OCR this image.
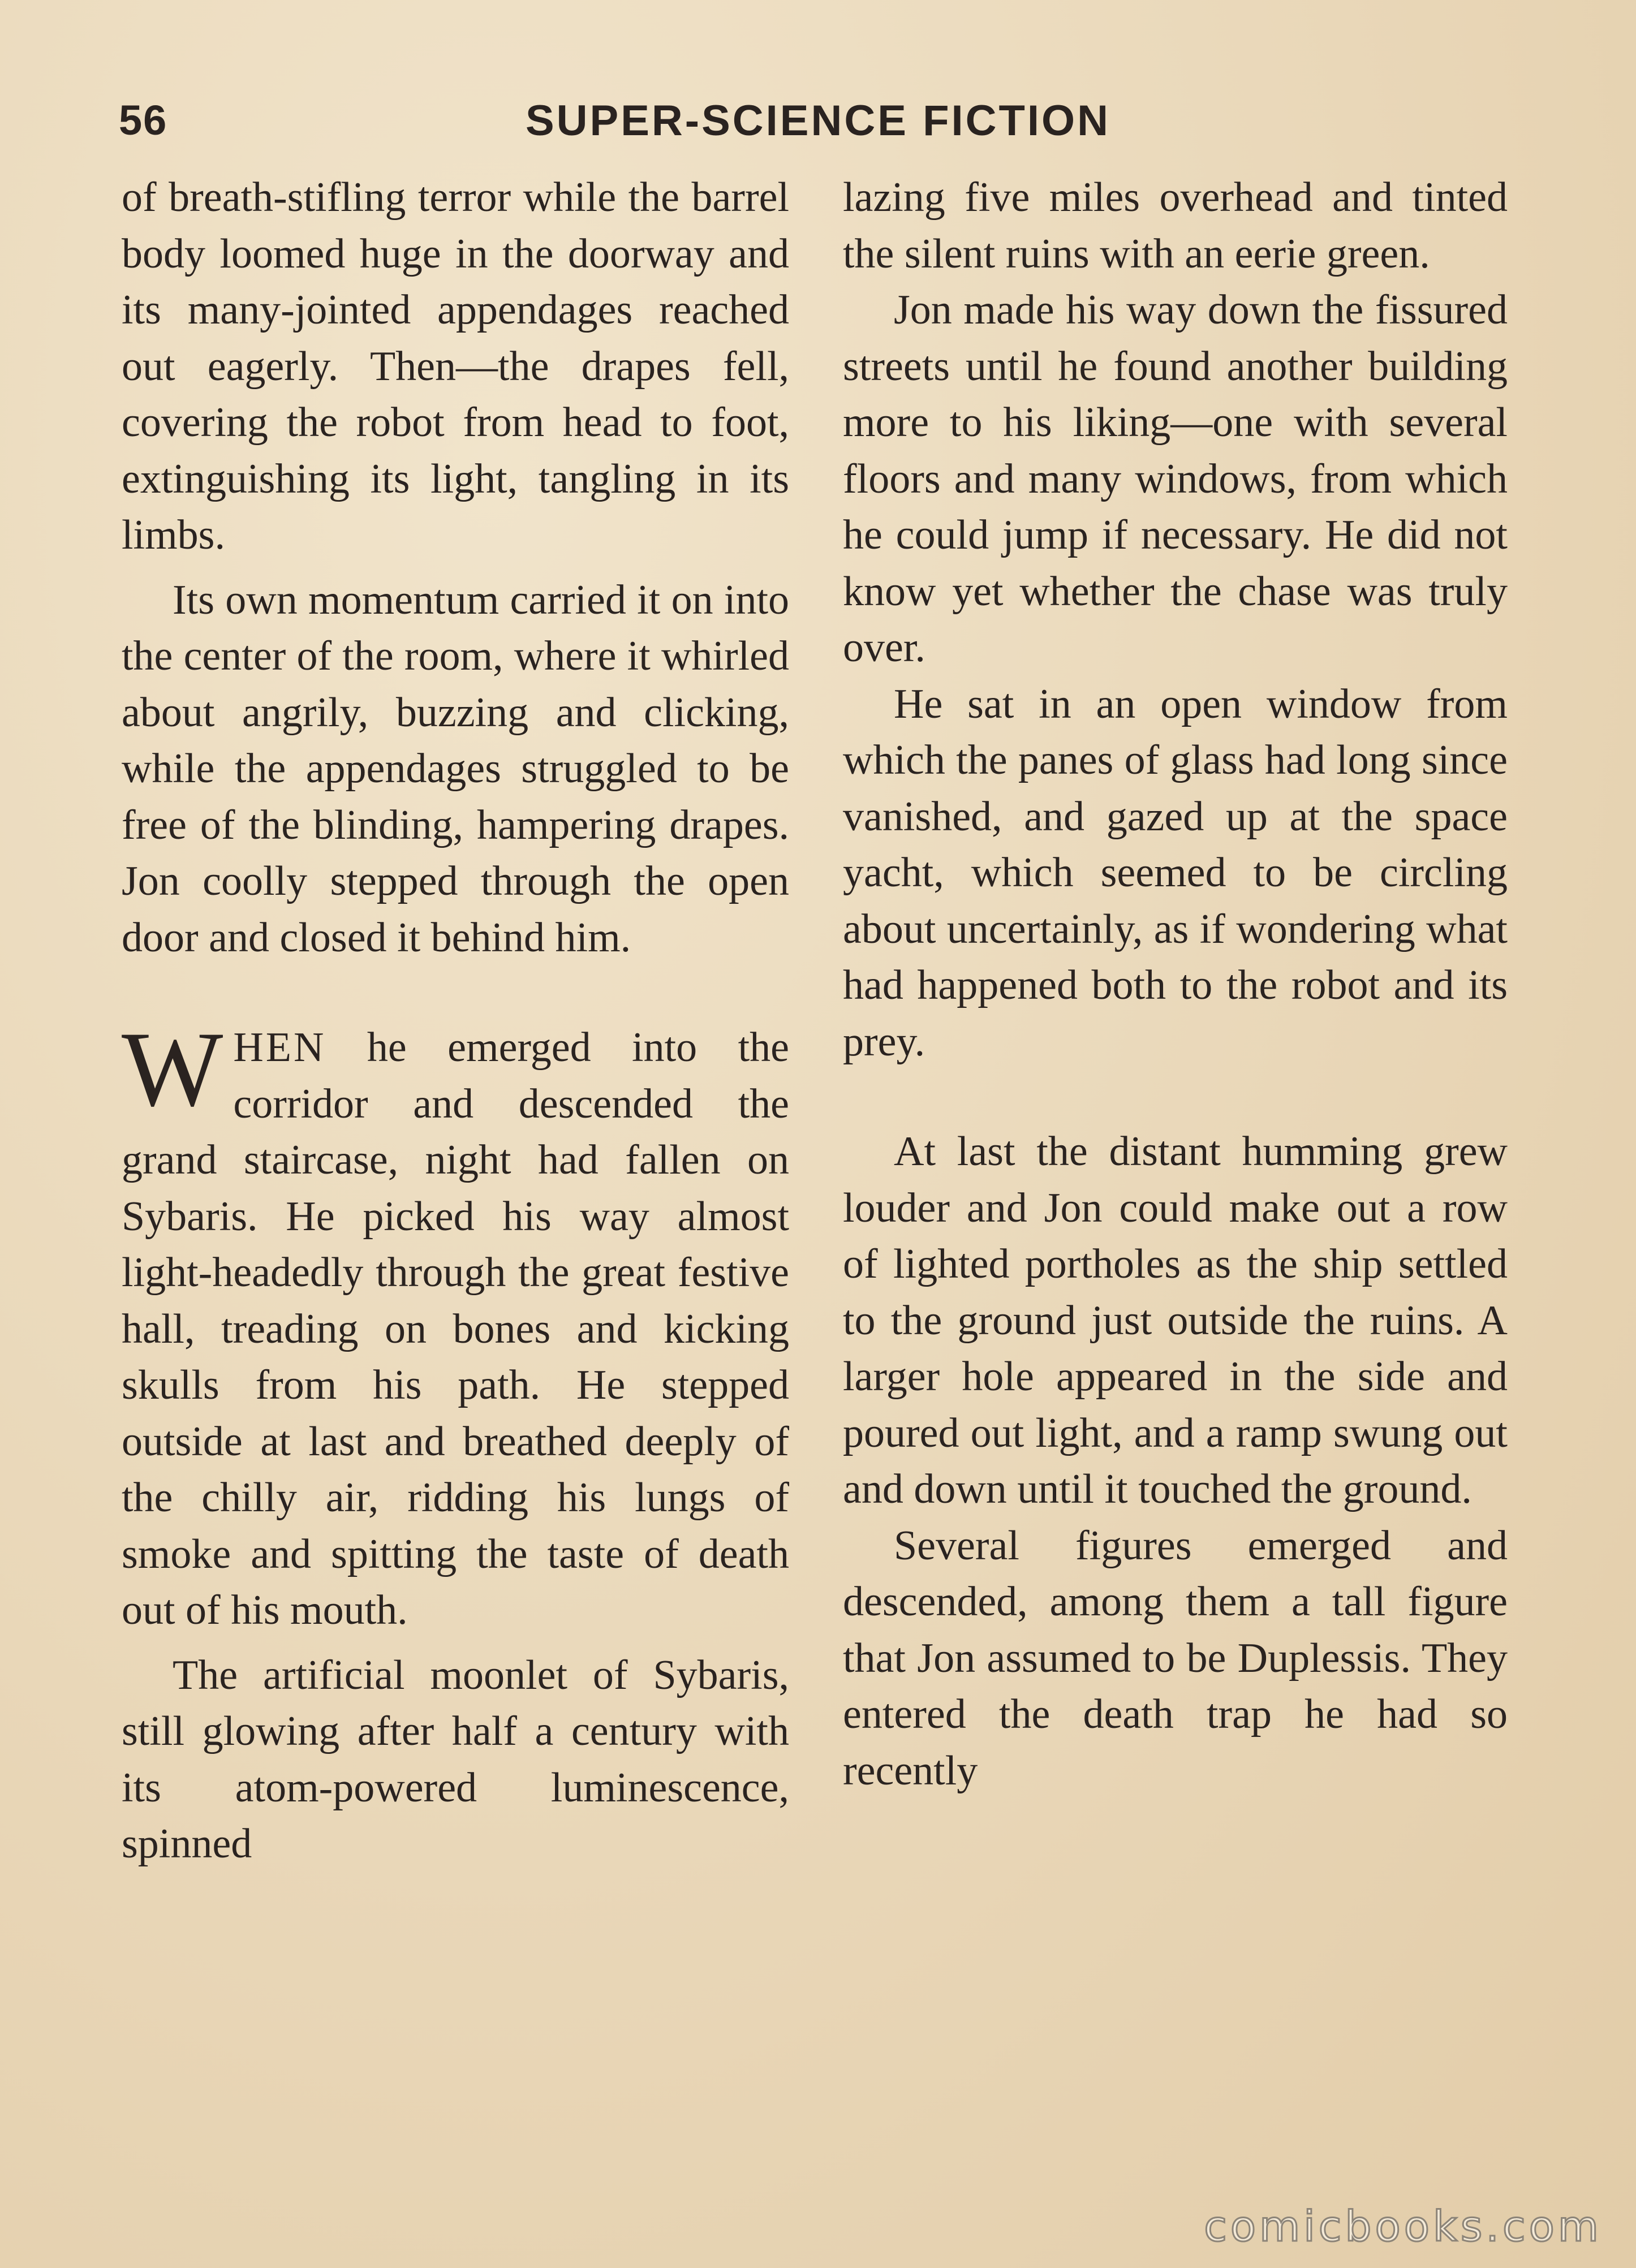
56	SUPER-SCIENCE FICTION

of breath-stifling terror while the barrel body loomed huge in the doorway and its many-jointed appendages reached out eagerly. Then—the drapes fell, covering the robot from head to foot, extinguishing its light, tangling in its limbs.

Its own momentum carried it on into the center of the room, where it whirled about angrily, buzzing and clicking, while the appendages struggled to be free of the blinding, hampering drapes. Jon coolly stepped through the open door and closed it behind him.

WHEN he emerged into the corridor and descended the grand staircase, night had fallen on Sybaris. He picked his way almost light-headedly through the great festive hall, treading on bones and kicking skulls from his path. He stepped outside at last and breathed deeply of the chilly air, ridding his lungs of smoke and spitting the taste of death out of his mouth.

The artificial moonlet of Sybaris, still glowing after half a century with its atom-powered luminescence, spinned

lazing five miles overhead and tinted the silent ruins with an eerie green.

Jon made his way down the fissured streets until he found another building more to his liking—one with several floors and many windows, from which he could jump if necessary. He did not know yet whether the chase was truly over.

He sat in an open window from which the panes of glass had long since vanished, and gazed up at the space yacht, which seemed to be circling about uncertainly, as if wondering what had happened both to the robot and its prey.

At last the distant humming grew louder and Jon could make out a row of lighted portholes as the ship settled to the ground just outside the ruins. A larger hole appeared in the side and poured out light, and a ramp swung out and down until it touched the ground.

Several figures emerged and descended, among them a tall figure that Jon assumed to be Duplessis. They entered the death trap he had so recently

comicbooks.com
